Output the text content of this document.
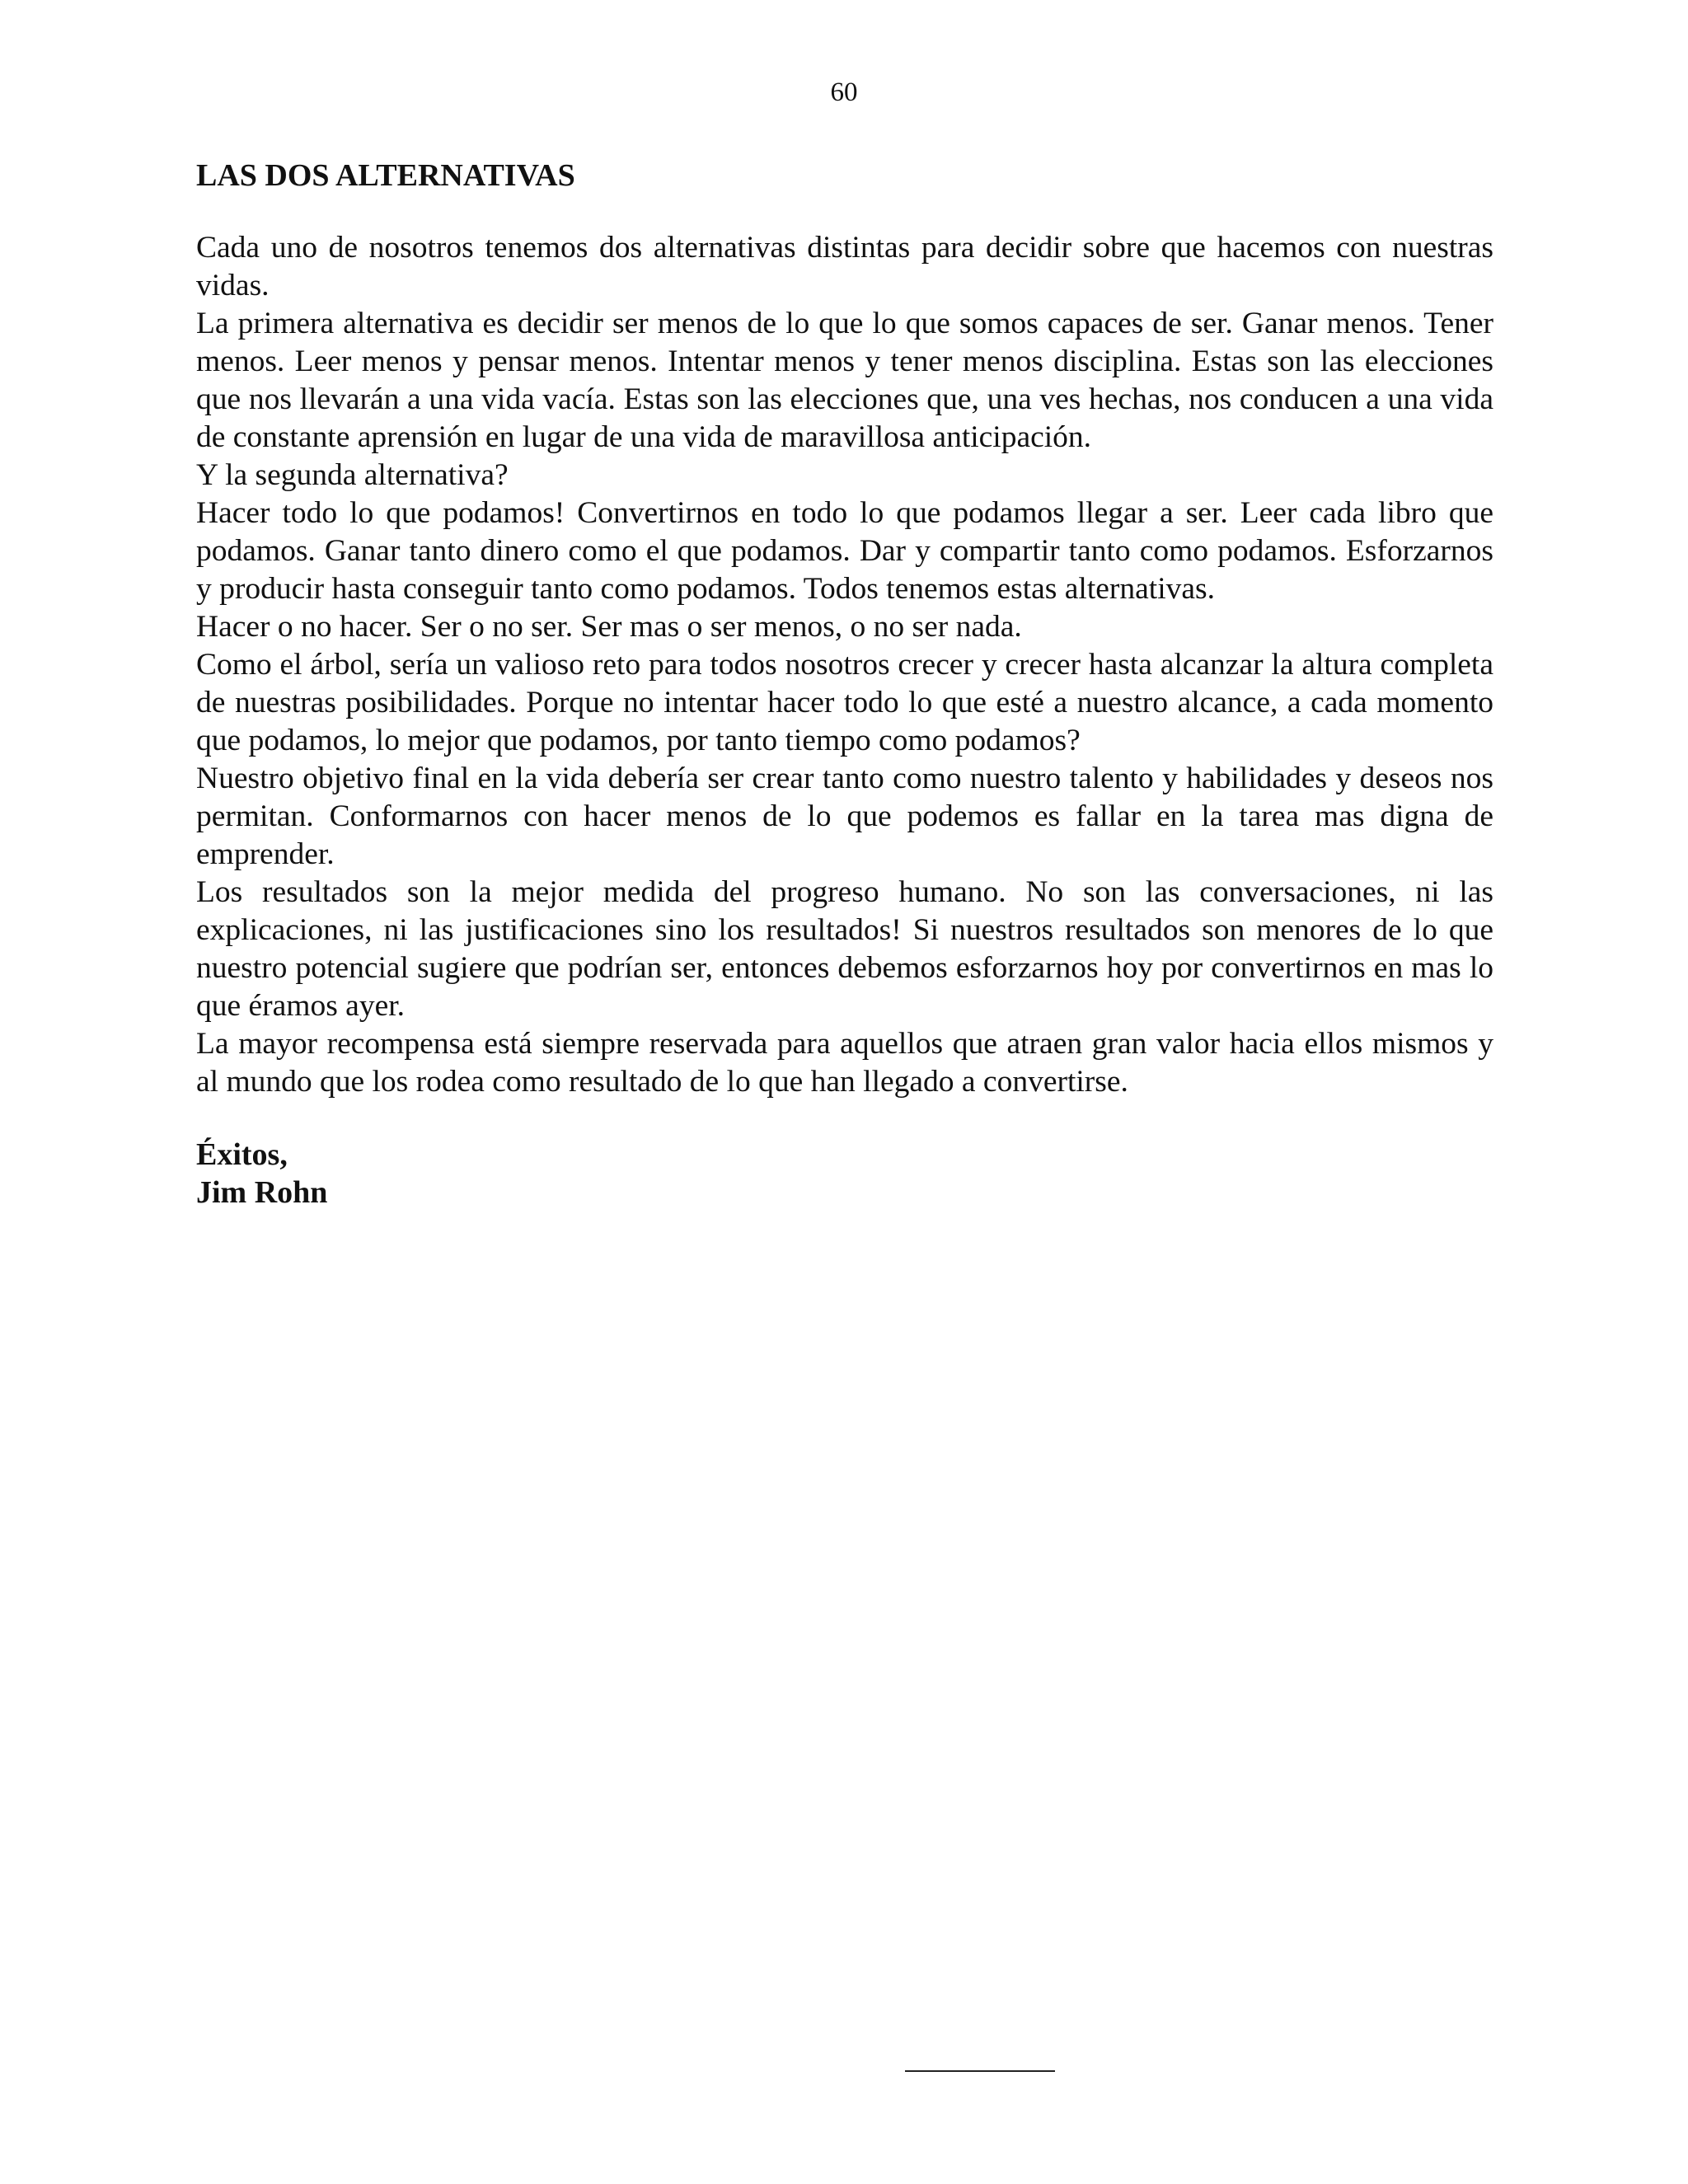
60
LAS DOS ALTERNATIVAS

Cada uno de nosotros tenemos dos alternativas distintas para decidir sobre que hacemos con nuestras vidas.

La primera alternativa es decidir ser menos de lo que lo que somos capaces de ser. Ganar menos. Tener menos. Leer menos y pensar menos. Intentar menos y tener menos disciplina. Estas son las elecciones que nos llevarán a una vida vacía. Estas son las elecciones que, una ves hechas, nos conducen a una vida de constante aprensión en lugar de una vida de maravillosa anticipación.

Y la segunda alternativa?

Hacer todo lo que podamos! Convertirnos en todo lo que podamos llegar a ser. Leer cada libro que podamos. Ganar tanto dinero como el que podamos. Dar y compartir tanto como podamos. Esforzarnos y producir hasta conseguir tanto como podamos. Todos tenemos estas alternativas.

Hacer o no hacer. Ser o no ser. Ser mas o ser menos, o no ser nada.

Como el árbol, sería un valioso reto para todos nosotros crecer y crecer hasta alcanzar la altura completa de nuestras posibilidades. Porque no intentar hacer todo lo que esté a nuestro alcance, a cada momento que podamos, lo mejor que podamos, por tanto tiempo como podamos?

Nuestro objetivo final en la vida debería ser crear tanto como nuestro talento y habilidades y deseos nos permitan. Conformarnos con hacer menos de lo que podemos es fallar en la tarea mas digna de emprender.

Los resultados son la mejor medida del progreso humano. No son las conversaciones, ni las explicaciones, ni las justificaciones sino los resultados! Si nuestros resultados son menores de lo que nuestro potencial sugiere que podrían ser, entonces debemos esforzarnos hoy por convertirnos en mas lo que éramos ayer.

La mayor recompensa está siempre reservada para aquellos que atraen gran valor hacia ellos mismos y al mundo que los rodea como resultado de lo que han llegado a convertirse.

Éxitos,
Jim Rohn
